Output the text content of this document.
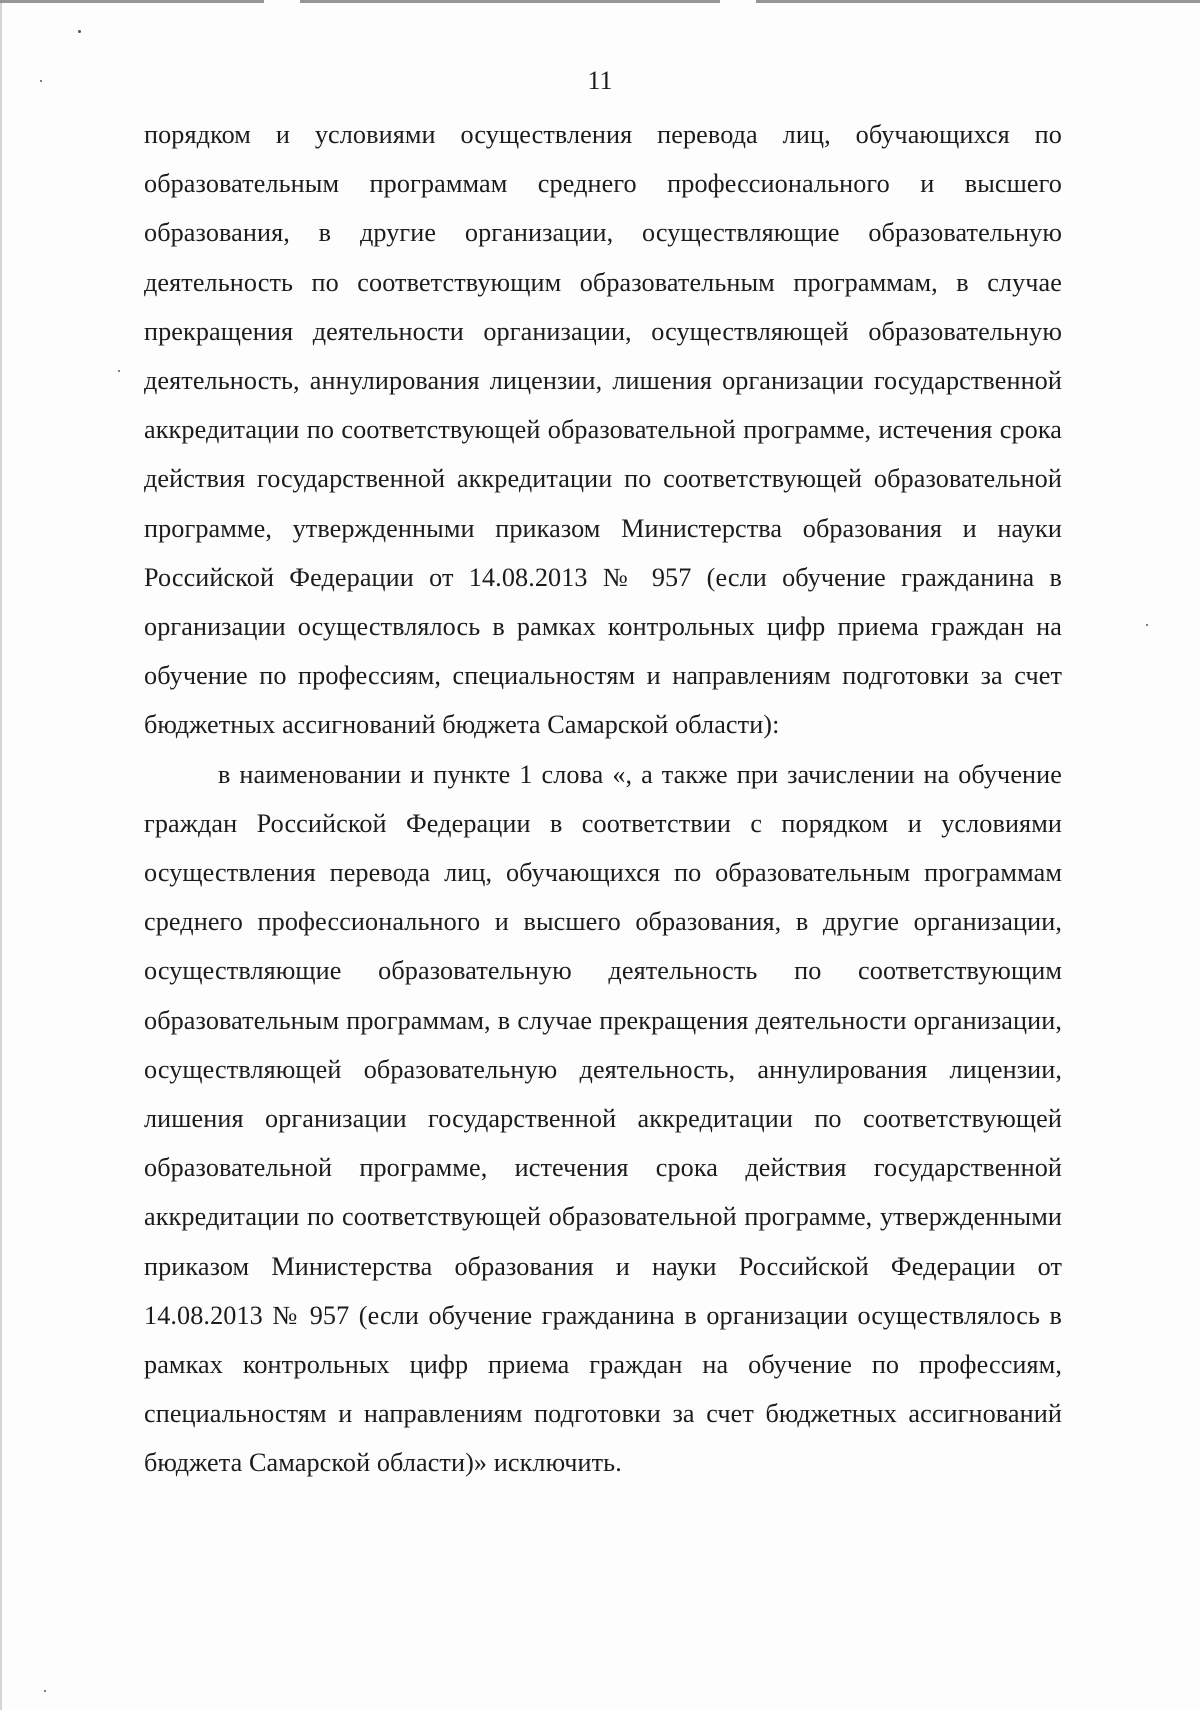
11

порядком и условиями осуществления перевода лиц, обучающихся по образовательным программам среднего профессионального и высшего образования, в другие организации, осуществляющие образовательную деятельность по соответствующим образовательным программам, в случае прекращения деятельности организации, осуществляющей образовательную деятельность, аннулирования лицензии, лишения организации государственной аккредитации по соответствующей образовательной программе, истечения срока действия государственной аккредитации по соответствующей образовательной программе, утвержденными приказом Министерства образования и науки Российской Федерации от 14.08.2013 № 957 (если обучение гражданина в организации осуществлялось в рамках контрольных цифр приема граждан на обучение по профессиям, специальностям и направлениям подготовки за счет бюджетных ассигнований бюджета Самарской области):

в наименовании и пункте 1 слова «, а также при зачислении на обучение граждан Российской Федерации в соответствии с порядком и условиями осуществления перевода лиц, обучающихся по образовательным программам среднего профессионального и высшего образования, в другие организации, осуществляющие образовательную деятельность по соответствующим образовательным программам, в случае прекращения деятельности организации, осуществляющей образовательную деятельность, аннулирования лицензии, лишения организации государственной аккредитации по соответствующей образовательной программе, истечения срока действия государственной аккредитации по соответствующей образовательной программе, утвержденными приказом Министерства образования и науки Российской Федерации от 14.08.2013 № 957 (если обучение гражданина в организации осуществлялось в рамках контрольных цифр приема граждан на обучение по профессиям, специальностям и направлениям подготовки за счет бюджетных ассигнований бюджета Самарской области)» исключить.
